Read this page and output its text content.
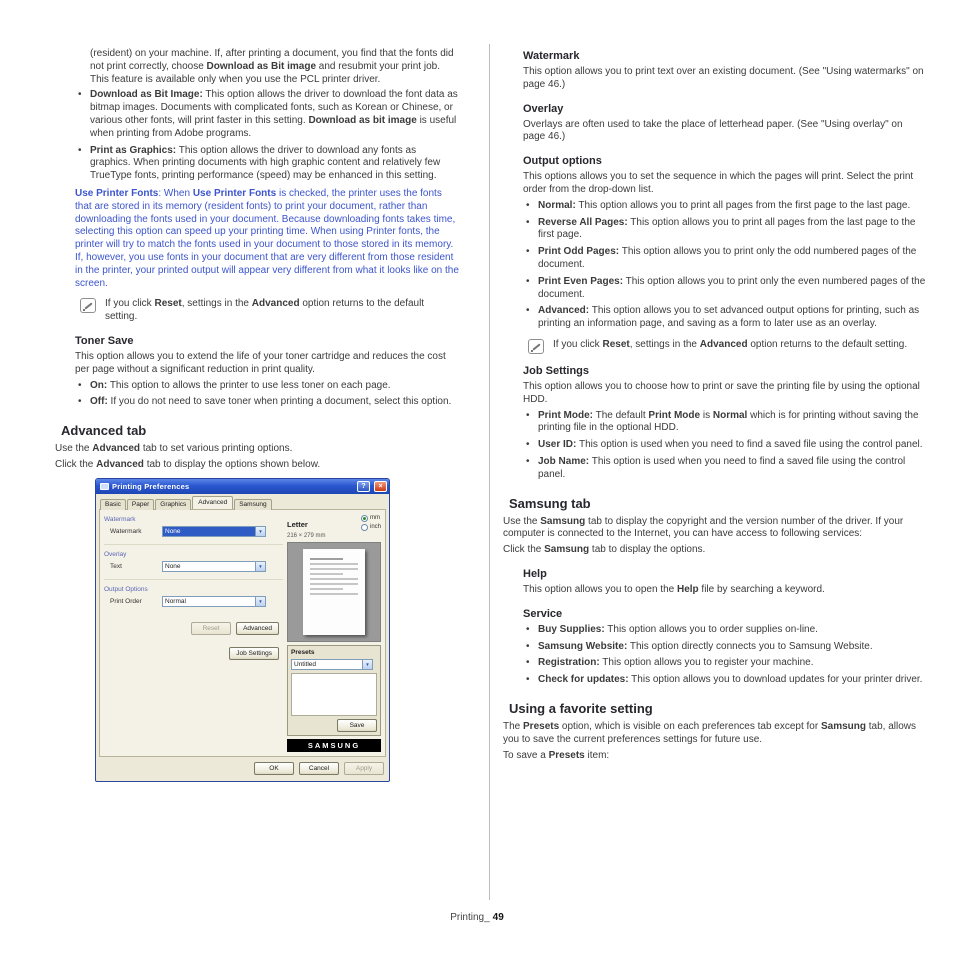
(resident) on your machine. If, after printing a document, you find that the fonts did not print correctly, choose Download as Bit image and resubmit your print job. This feature is available only when you use the PCL printer driver.

• Download as Bit Image: This option allows the driver to download the font data as bitmap images. Documents with complicated fonts, such as Korean or Chinese, or various other fonts, will print faster in this setting. Download as bit image is useful when printing from Adobe programs.
• Print as Graphics: This option allows the driver to download any fonts as graphics. When printing documents with high graphic content and relatively few TrueType fonts, printing performance (speed) may be enhanced in this setting.

Use Printer Fonts: When Use Printer Fonts is checked, the printer uses the fonts that are stored in its memory (resident fonts) to print your document, rather than downloading the fonts used in your document. Because downloading fonts takes time, selecting this option can speed up your printing time. When using Printer fonts, the printer will try to match the fonts used in your document to those stored in its memory. If, however, you use fonts in your document that are very different from those resident in the printer, your printed output will appear very different from what it looks like on the screen.

If you click Reset, settings in the Advanced option returns to the default setting.

Toner Save

This option allows you to extend the life of your toner cartridge and reduces the cost per page without a significant reduction in print quality.

• On: This option to allows the printer to use less toner on each page.
• Off: If you do not need to save toner when printing a document, select this option.
Advanced tab

Use the Advanced tab to set various printing options.

Click the Advanced tab to display the options shown below.

Printing Preferences	?	×
Basic	Paper	Graphics	Advanced	Samsung
Watermark
Watermark	None	▼
Overlay
Text	None	▼
Output Options
Print Order	Normal	▼
Reset	Advanced
Job Settings
Letter
216 × 279 mm
mm
inch
Presets
Untitled	▼
Save
SAMSUNG
OK	Cancel	Apply
Watermark

This option allows you to print text over an existing document. (See "Using watermarks" on page 46.)

Overlay

Overlays are often used to take the place of letterhead paper. (See "Using overlay" on page 46.)

Output options

This options allows you to set the sequence in which the pages will print. Select the print order from the drop-down list.

• Normal: This option allows you to print all pages from the first page to the last page.
• Reverse All Pages: This option allows you to print all pages from the last page to the first page.
• Print Odd Pages: This option allows you to print only the odd numbered pages of the document.
• Print Even Pages: This option allows you to print only the even numbered pages of the document.
• Advanced: This option allows you to set advanced output options for printing, such as printing an information page, and saving as a form to later use as an overlay.

If you click Reset, settings in the Advanced option returns to the default setting.

Job Settings

This option allows you to choose how to print or save the printing file by using the optional HDD.

• Print Mode: The default Print Mode is Normal which is for printing without saving the printing file in the optional HDD.
• User ID: This option is used when you need to find a saved file using the control panel.
• Job Name: This option is used when you need to find a saved file using the control panel.
Samsung tab

Use the Samsung tab to display the copyright and the version number of the driver. If your computer is connected to the Internet, you can have access to following services:

Click the Samsung tab to display the options.

Help

This option allows you to open the Help file by searching a keyword.

Service
• Buy Supplies: This option allows you to order supplies on-line.
• Samsung Website: This option directly connects you to Samsung Website.
• Registration: This option allows you to register your machine.
• Check for updates: This option allows you to download updates for your printer driver.
Using a favorite setting

The Presets option, which is visible on each preferences tab except for Samsung tab, allows you to save the current preferences settings for future use.

To save a Presets item:

Printing_ 49
